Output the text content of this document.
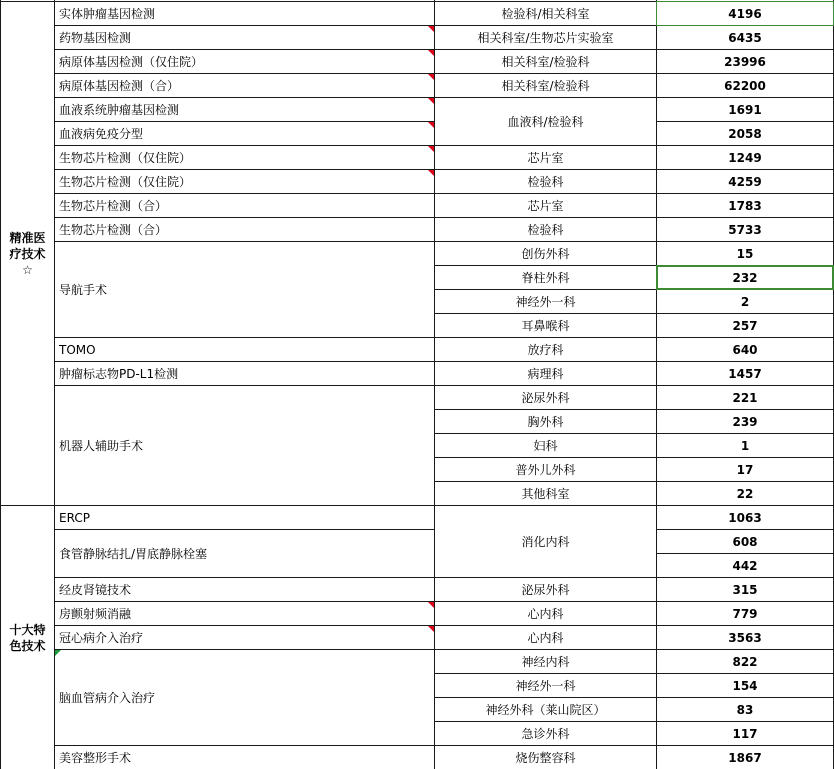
精准医疗技术☆
十大特色技术
实体肿瘤基因检测
药物基因检测
病原体基因检测（仅住院）
病原体基因检测（合）
血液系统肿瘤基因检测
血液病免疫分型
生物芯片检测（仅住院）
生物芯片检测（仅住院）
生物芯片检测（合）
生物芯片检测（合）
导航手术
TOMO
肿瘤标志物PD-L1检测
机器人辅助手术
ERCP
食管静脉结扎/胃底静脉栓塞
经皮肾镜技术
房颤射频消融
冠心病介入治疗
脑血管病介入治疗
美容整形手术
检验科/相关科室
相关科室/生物芯片实验室
相关科室/检验科
相关科室/检验科
血液科/检验科
芯片室
检验科
芯片室
检验科
创伤外科
脊柱外科
神经外一科
耳鼻喉科
放疗科
病理科
泌尿外科
胸外科
妇科
普外儿外科
其他科室
消化内科
泌尿外科
心内科
心内科
神经内科
神经外一科
神经外科（莱山院区）
急诊外科
烧伤整容科
4196
6435
23996
62200
1691
2058
1249
4259
1783
5733
15
232
2
257
640
1457
221
239
1
17
22
1063
608
442
315
779
3563
822
154
83
117
1867
